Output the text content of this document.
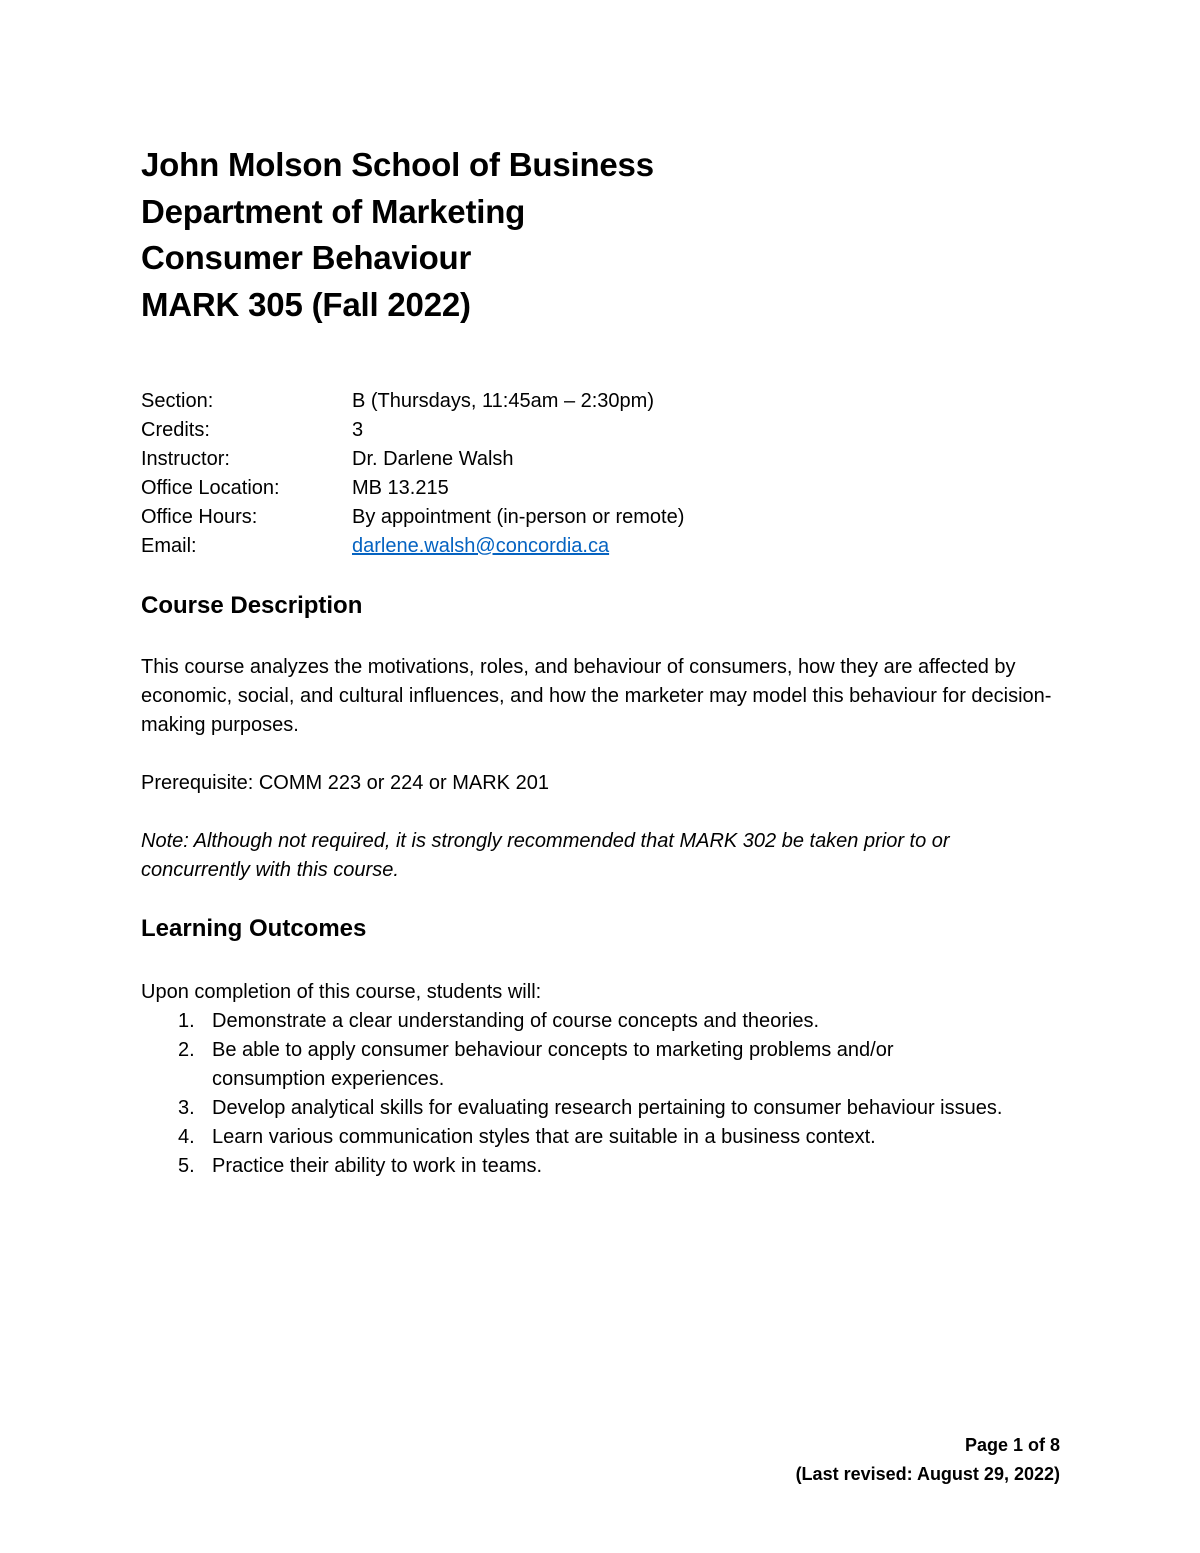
John Molson School of Business
Department of Marketing
Consumer Behaviour
MARK 305 (Fall 2022)
Section:	B (Thursdays, 11:45am – 2:30pm)
Credits:	3
Instructor:	Dr. Darlene Walsh
Office Location:	MB 13.215
Office Hours:	By appointment (in-person or remote)
Email:	darlene.walsh@concordia.ca
Course Description
This course analyzes the motivations, roles, and behaviour of consumers, how they are affected by economic, social, and cultural influences, and how the marketer may model this behaviour for decision-making purposes.
Prerequisite: COMM 223 or 224 or MARK 201
Note: Although not required, it is strongly recommended that MARK 302 be taken prior to or concurrently with this course.
Learning Outcomes
Upon completion of this course, students will:
1. Demonstrate a clear understanding of course concepts and theories.
2. Be able to apply consumer behaviour concepts to marketing problems and/or consumption experiences.
3. Develop analytical skills for evaluating research pertaining to consumer behaviour issues.
4. Learn various communication styles that are suitable in a business context.
5. Practice their ability to work in teams.
Page 1 of 8
(Last revised: August 29, 2022)
